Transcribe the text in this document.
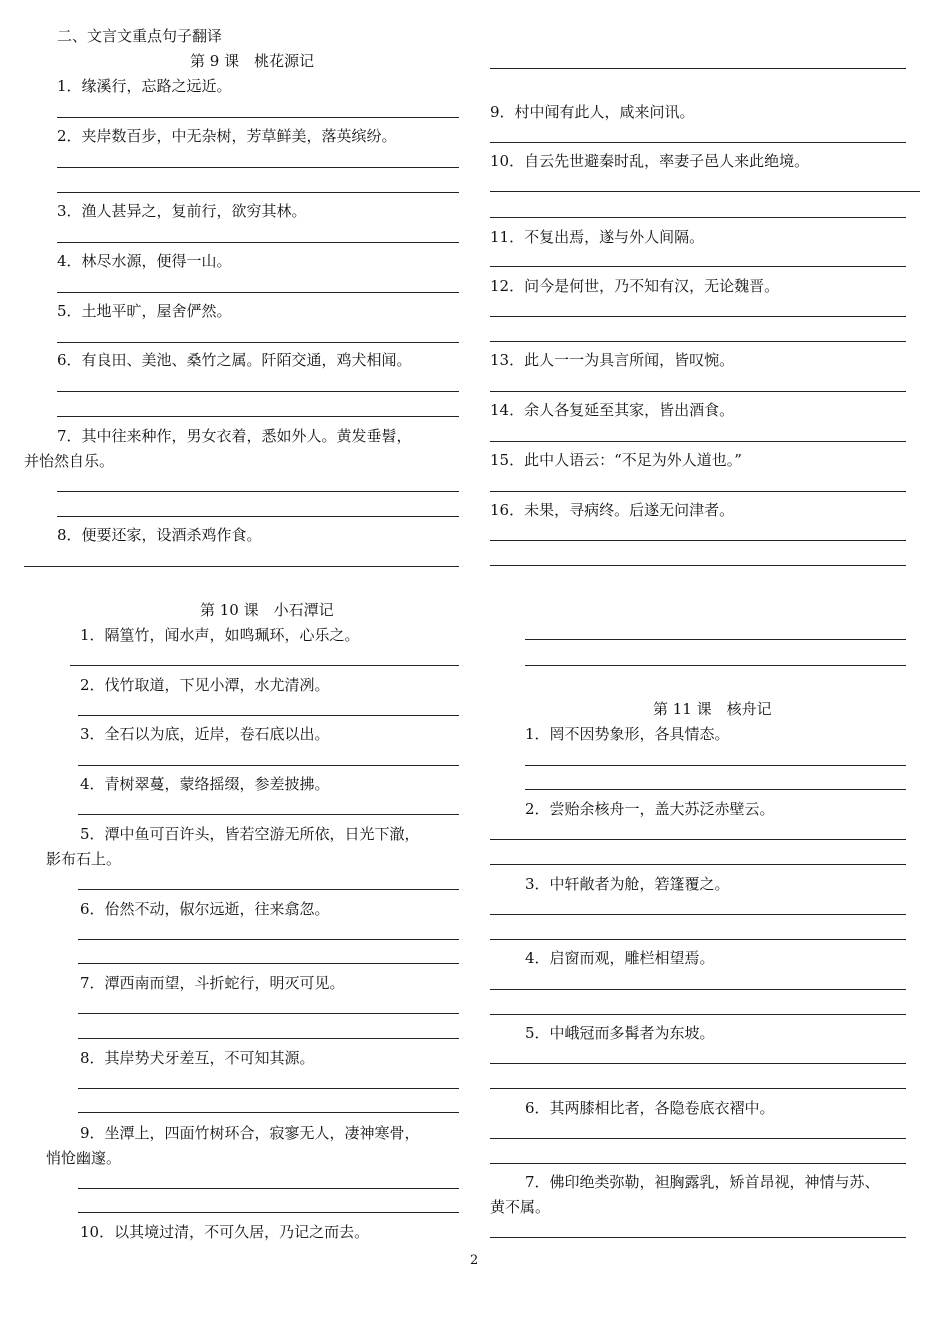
二、文言文重点句子翻译
第 9 课　桃花源记
1．缘溪行，忘路之远近。
2．夹岸数百步，中无杂树，芳草鲜美，落英缤纷。
3．渔人甚异之，复前行，欲穷其林。
4．林尽水源，便得一山。
5．土地平旷，屋舍俨然。
6．有良田、美池、桑竹之属。阡陌交通，鸡犬相闻。
7．其中往来种作，男女衣着，悉如外人。黄发垂髫，
并怡然自乐。
8．便要还家，设酒杀鸡作食。
9．村中闻有此人，咸来问讯。
10．自云先世避秦时乱，率妻子邑人来此绝境。
11．不复出焉，遂与外人间隔。
12．问今是何世，乃不知有汉，无论魏晋。
13．此人一一为具言所闻，皆叹惋。
14．余人各复延至其家，皆出酒食。
15．此中人语云：“不足为外人道也。”
16．未果，寻病终。后遂无问津者。
第 10 课　小石潭记
1．隔篁竹，闻水声，如鸣珮环，心乐之。
2．伐竹取道，下见小潭，水尤清冽。
3．全石以为底，近岸，卷石底以出。
4．青树翠蔓，蒙络摇缀，参差披拂。
5．潭中鱼可百许头，皆若空游无所依，日光下澈，
影布石上。
6．佁然不动，俶尔远逝，往来翕忽。
7．潭西南而望，斗折蛇行，明灭可见。
8．其岸势犬牙差互，不可知其源。
9．坐潭上，四面竹树环合，寂寥无人，凄神寒骨，
悄怆幽邃。
10．以其境过清，不可久居，乃记之而去。
第 11 课　核舟记
1．罔不因势象形，各具情态。
2．尝贻余核舟一，盖大苏泛赤壁云。
3．中轩敞者为舱，箬篷覆之。
4．启窗而观，雕栏相望焉。
5．中峨冠而多髯者为东坡。
6．其两膝相比者，各隐卷底衣褶中。
7．佛印绝类弥勒，袒胸露乳，矫首昂视，神情与苏、
黄不属。
2
